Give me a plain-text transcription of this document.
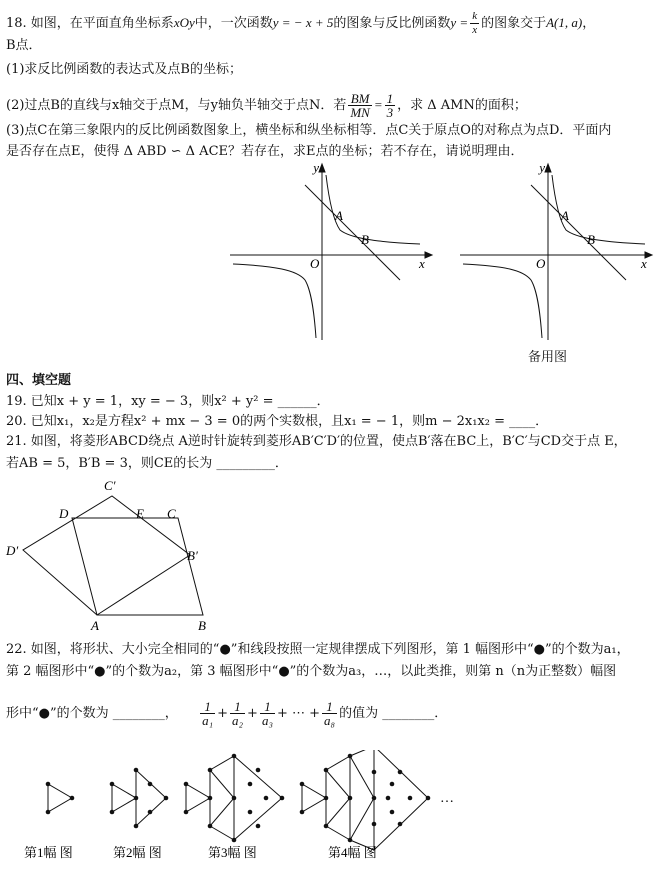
18. 如图，在平面直角坐标系xOy中，一次函数y = − x + 5的图象与反比例函数$y = \frac{k}{x}$ 的图象交于A(1, a)，
B点．
(1)求反比例函数的表达式及点B的坐标；
(2)过点B的直线与x轴交于点M，与y轴负半轴交于点N．若 $\frac{BM}{MN} = \frac{1}{3}$ ，求 Δ AMN的面积；
(3)点C在第三象限内的反比例函数图象上，横坐标和纵坐标相等．点C关于原点O的对称点为点D．平面内
是否存在点E，使得 Δ ABD ∽ Δ ACE？若存在，求E点的坐标；若不存在，请说明理由．
y
x
O
A
B
y
x
O
A
B
备用图
四、填空题
19. 已知x + y = 1，xy = − 3，则x² + y² = ______．
20. 已知x₁，x₂是方程x² + mx − 3 = 0的两个实数根，且x₁ = − 1，则m − 2x₁x₂ = ____．
21. 如图，将菱形ABCD绕点 A逆时针旋转到菱形AB′C′D′的位置，使点B′落在BC上，B′C′与CD交于点 E，
若AB = 5，B′B = 3，则CE的长为 _________．
C′
D	E C
D′	B′
A	B
22. 如图，将形状、大小完全相同的“●”和线段按照一定规律摆成下列图形，第 1 幅图形中“●”的个数为a₁，
第 2 幅图形中“●”的个数为a₂，第 3 幅图形中“●”的个数为a₃，…，以此类推，则第 n（n为正整数）幅图
形中“●”的个数为 ________， $\frac{1}{\text{a₁}} + \frac{1}{\text{a₂}} + \frac{1}{\text{a₃}}$ + ⋯ + $\frac{1}{\text{a₈}}$ 的值为 ________．
…
第1幅 图	第2幅 图	第3幅 图	第4幅 图
